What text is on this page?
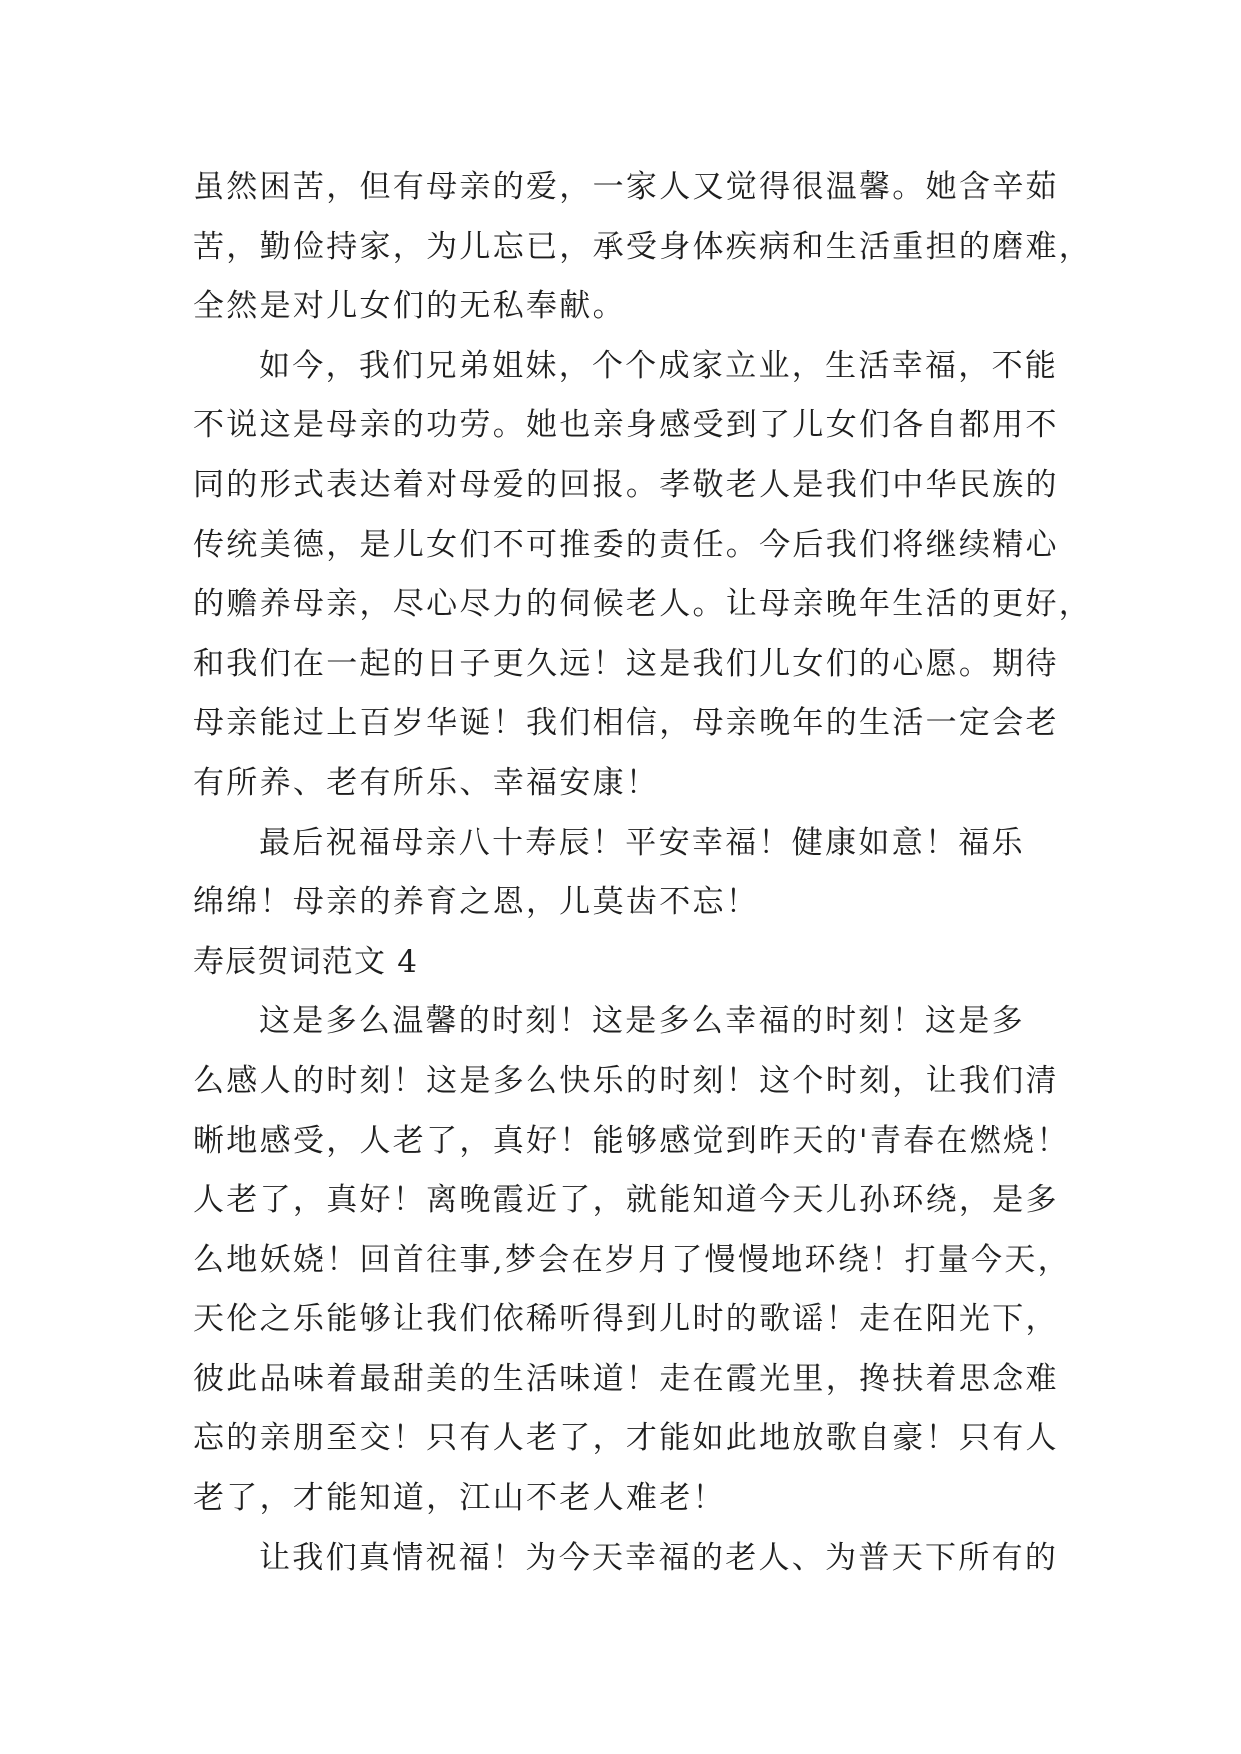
虽然困苦，但有母亲的爱，一家人又觉得很温馨。她含辛茹
苦，勤俭持家，为儿忘已，承受身体疾病和生活重担的磨难，
全然是对儿女们的无私奉献。
如今，我们兄弟姐妹，个个成家立业，生活幸福，不能
不说这是母亲的功劳。她也亲身感受到了儿女们各自都用不
同的形式表达着对母爱的回报。孝敬老人是我们中华民族的
传统美德，是儿女们不可推委的责任。今后我们将继续精心
的赡养母亲，尽心尽力的伺候老人。让母亲晚年生活的更好，
和我们在一起的日子更久远！这是我们儿女们的心愿。期待
母亲能过上百岁华诞！我们相信，母亲晚年的生活一定会老
有所养、老有所乐、幸福安康！
最后祝福母亲八十寿辰！平安幸福！健康如意！福乐
绵绵！母亲的养育之恩，儿莫齿不忘！
寿辰贺词范文 4
这是多么温馨的时刻！这是多么幸福的时刻！这是多
么感人的时刻！这是多么快乐的时刻！这个时刻，让我们清
晰地感受，人老了，真好！能够感觉到昨天的'青春在燃烧！
人老了，真好！离晚霞近了，就能知道今天儿孙环绕，是多
么地妖娆！回首往事,梦会在岁月了慢慢地环绕！打量今天，
天伦之乐能够让我们依稀听得到儿时的歌谣！走在阳光下，
彼此品味着最甜美的生活味道！走在霞光里，搀扶着思念难
忘的亲朋至交！只有人老了，才能如此地放歌自豪！只有人
老了，才能知道，江山不老人难老！
让我们真情祝福！为今天幸福的老人、为普天下所有的
